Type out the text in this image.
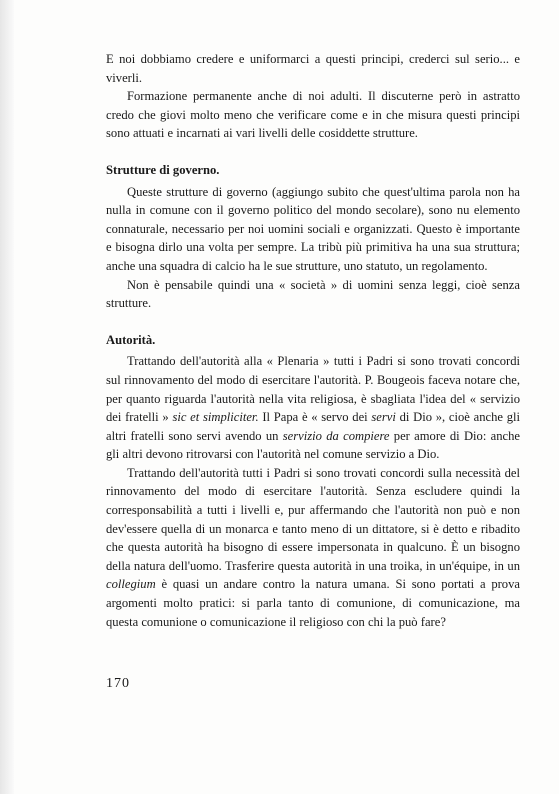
E noi dobbiamo credere e uniformarci a questi principi, crederci sul serio... e viverli.

Formazione permanente anche di noi adulti. Il discuterne però in astratto credo che giovi molto meno che verificare come e in che misura questi principi sono attuati e incarnati ai vari livelli delle cosiddette strutture.

Strutture di governo.

Queste strutture di governo (aggiungo subito che quest'ultima parola non ha nulla in comune con il governo politico del mondo secolare), sono nu elemento connaturale, necessario per noi uomini sociali e organizzati. Questo è importante e bisogna dirlo una volta per sempre. La tribù più primitiva ha una sua struttura; anche una squadra di calcio ha le sue strutture, uno statuto, un regolamento.

Non è pensabile quindi una « società » di uomini senza leggi, cioè senza strutture.

Autorità.

Trattando dell'autorità alla « Plenaria » tutti i Padri si sono trovati concordi sul rinnovamento del modo di esercitare l'autorità. P. Bougeois faceva notare che, per quanto riguarda l'autorità nella vita religiosa, è sbagliata l'idea del « servizio dei fratelli » sic et simpliciter. Il Papa è « servo dei servi di Dio », cioè anche gli altri fratelli sono servi avendo un servizio da compiere per amore di Dio: anche gli altri devono ritrovarsi con l'autorità nel comune servizio a Dio.

Trattando dell'autorità tutti i Padri si sono trovati concordi sulla necessità del rinnovamento del modo di esercitare l'autorità. Senza escludere quindi la corresponsabilità a tutti i livelli e, pur affermando che l'autorità non può e non dev'essere quella di un monarca e tanto meno di un dittatore, si è detto e ribadito che questa autorità ha bisogno di essere impersonata in qualcuno. È un bisogno della natura dell'uomo. Trasferire questa autorità in una troika, in un'équipe, in un collegium è quasi un andare contro la natura umana. Si sono portati a prova argomenti molto pratici: si parla tanto di comunione, di comunicazione, ma questa comunione o comunicazione il religioso con chi la può fare?

170
